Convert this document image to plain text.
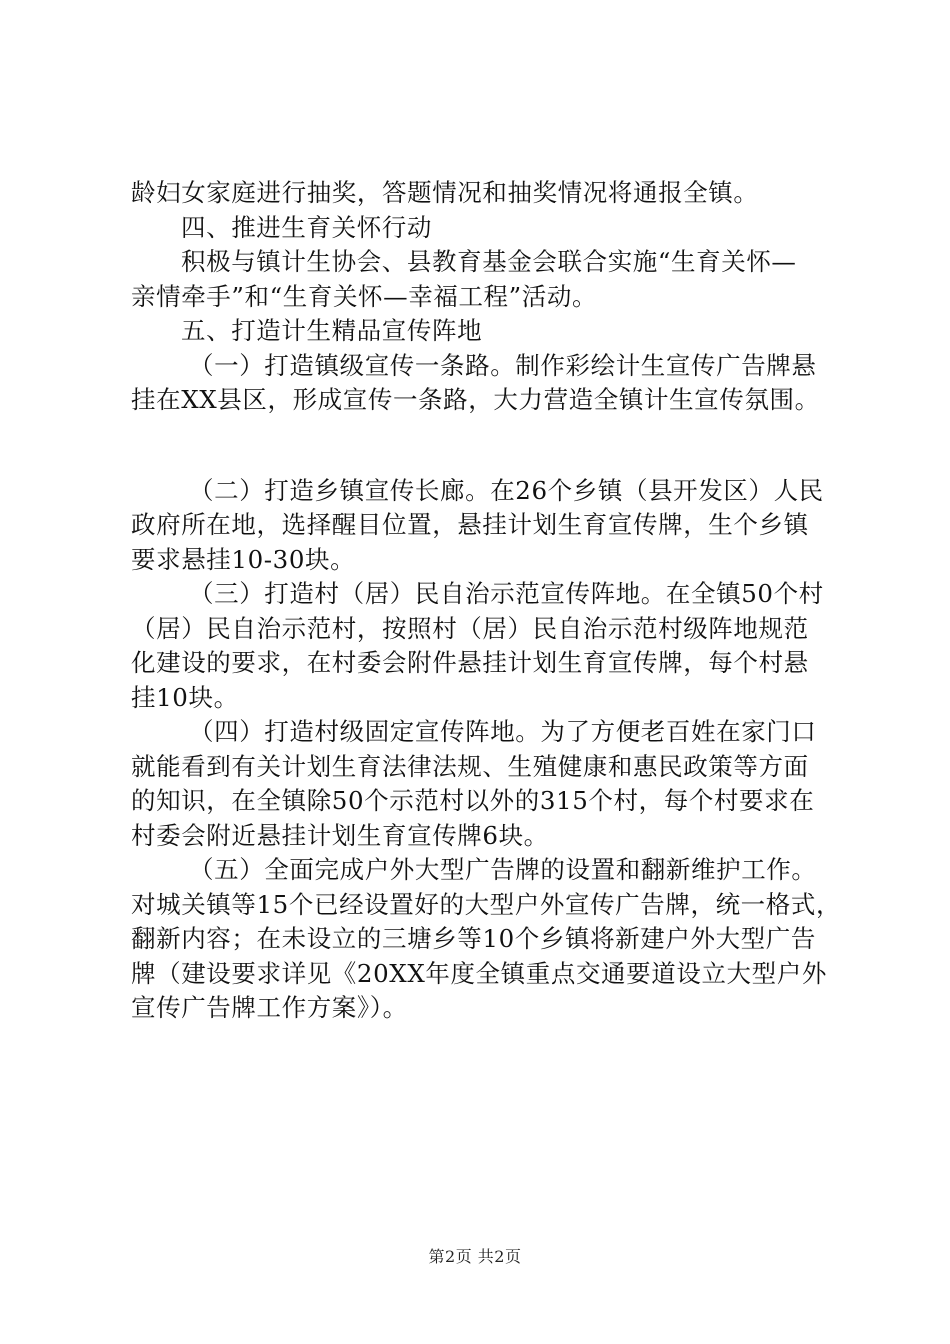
龄妇女家庭进行抽奖，答题情况和抽奖情况将通报全镇。
四、推进生育关怀行动
积极与镇计生协会、县教育基金会联合实施“生育关怀—
亲情牵手”和“生育关怀—幸福工程”活动。
五、打造计生精品宣传阵地
（一）打造镇级宣传一条路。制作彩绘计生宣传广告牌悬
挂在XX县区，形成宣传一条路，大力营造全镇计生宣传氛围。
（二）打造乡镇宣传长廊。在26个乡镇（县开发区）人民
政府所在地，选择醒目位置，悬挂计划生育宣传牌，生个乡镇
要求悬挂10-30块。
（三）打造村（居）民自治示范宣传阵地。在全镇50个村
（居）民自治示范村，按照村（居）民自治示范村级阵地规范
化建设的要求，在村委会附件悬挂计划生育宣传牌，每个村悬
挂10块。
（四）打造村级固定宣传阵地。为了方便老百姓在家门口
就能看到有关计划生育法律法规、生殖健康和惠民政策等方面
的知识，在全镇除50个示范村以外的315个村，每个村要求在
村委会附近悬挂计划生育宣传牌6块。
（五）全面完成户外大型广告牌的设置和翻新维护工作。
对城关镇等15个已经设置好的大型户外宣传广告牌，统一格式，
翻新内容；在未设立的三塘乡等10个乡镇将新建户外大型广告
牌（建设要求详见《20XX年度全镇重点交通要道设立大型户外
宣传广告牌工作方案》）。
第2页 共2页
